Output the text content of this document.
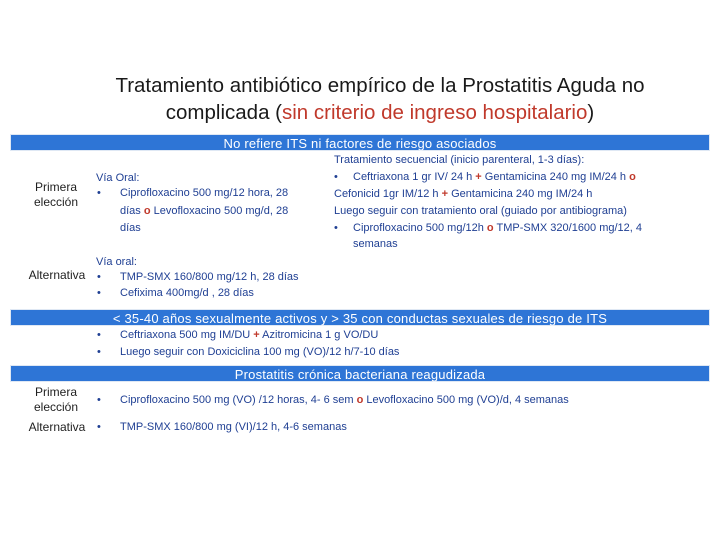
Tratamiento antibiótico empírico de la Prostatitis Aguda no
complicada (sin criterio de ingreso hospitalario)
No refiere ITS ni factores de riesgo asociados
Primera
elección
Vía Oral:
• Ciprofloxacino 500 mg/12 hora, 28
días o Levofloxacino 500 mg/d, 28
días
Tratamiento secuencial (inicio parenteral, 1-3 días):
• Ceftriaxona 1 gr IV/ 24 h + Gentamicina 240 mg IM/24 h o
Cefonicid 1gr IM/12 h + Gentamicina 240 mg IM/24 h
Luego seguir con tratamiento oral (guiado por antibiograma)
• Ciprofloxacino 500 mg/12h o TMP-SMX 320/1600 mg/12, 4
semanas
Alternativa
Vía oral:
• TMP-SMX 160/800 mg/12 h, 28 días
• Cefixima 400mg/d , 28 días
< 35-40 años sexualmente activos y > 35 con conductas sexuales de riesgo de ITS
• Ceftriaxona 500 mg IM/DU + Azitromicina 1 g VO/DU
• Luego seguir con Doxiciclina 100 mg (VO)/12 h/7-10 días
Prostatitis crónica bacteriana reagudizada
Primera
elección	• Ciprofloxacino 500 mg (VO) /12 horas, 4- 6 sem o Levofloxacino 500 mg (VO)/d, 4 semanas
Alternativa	• TMP-SMX 160/800 mg (VI)/12 h, 4-6 semanas
